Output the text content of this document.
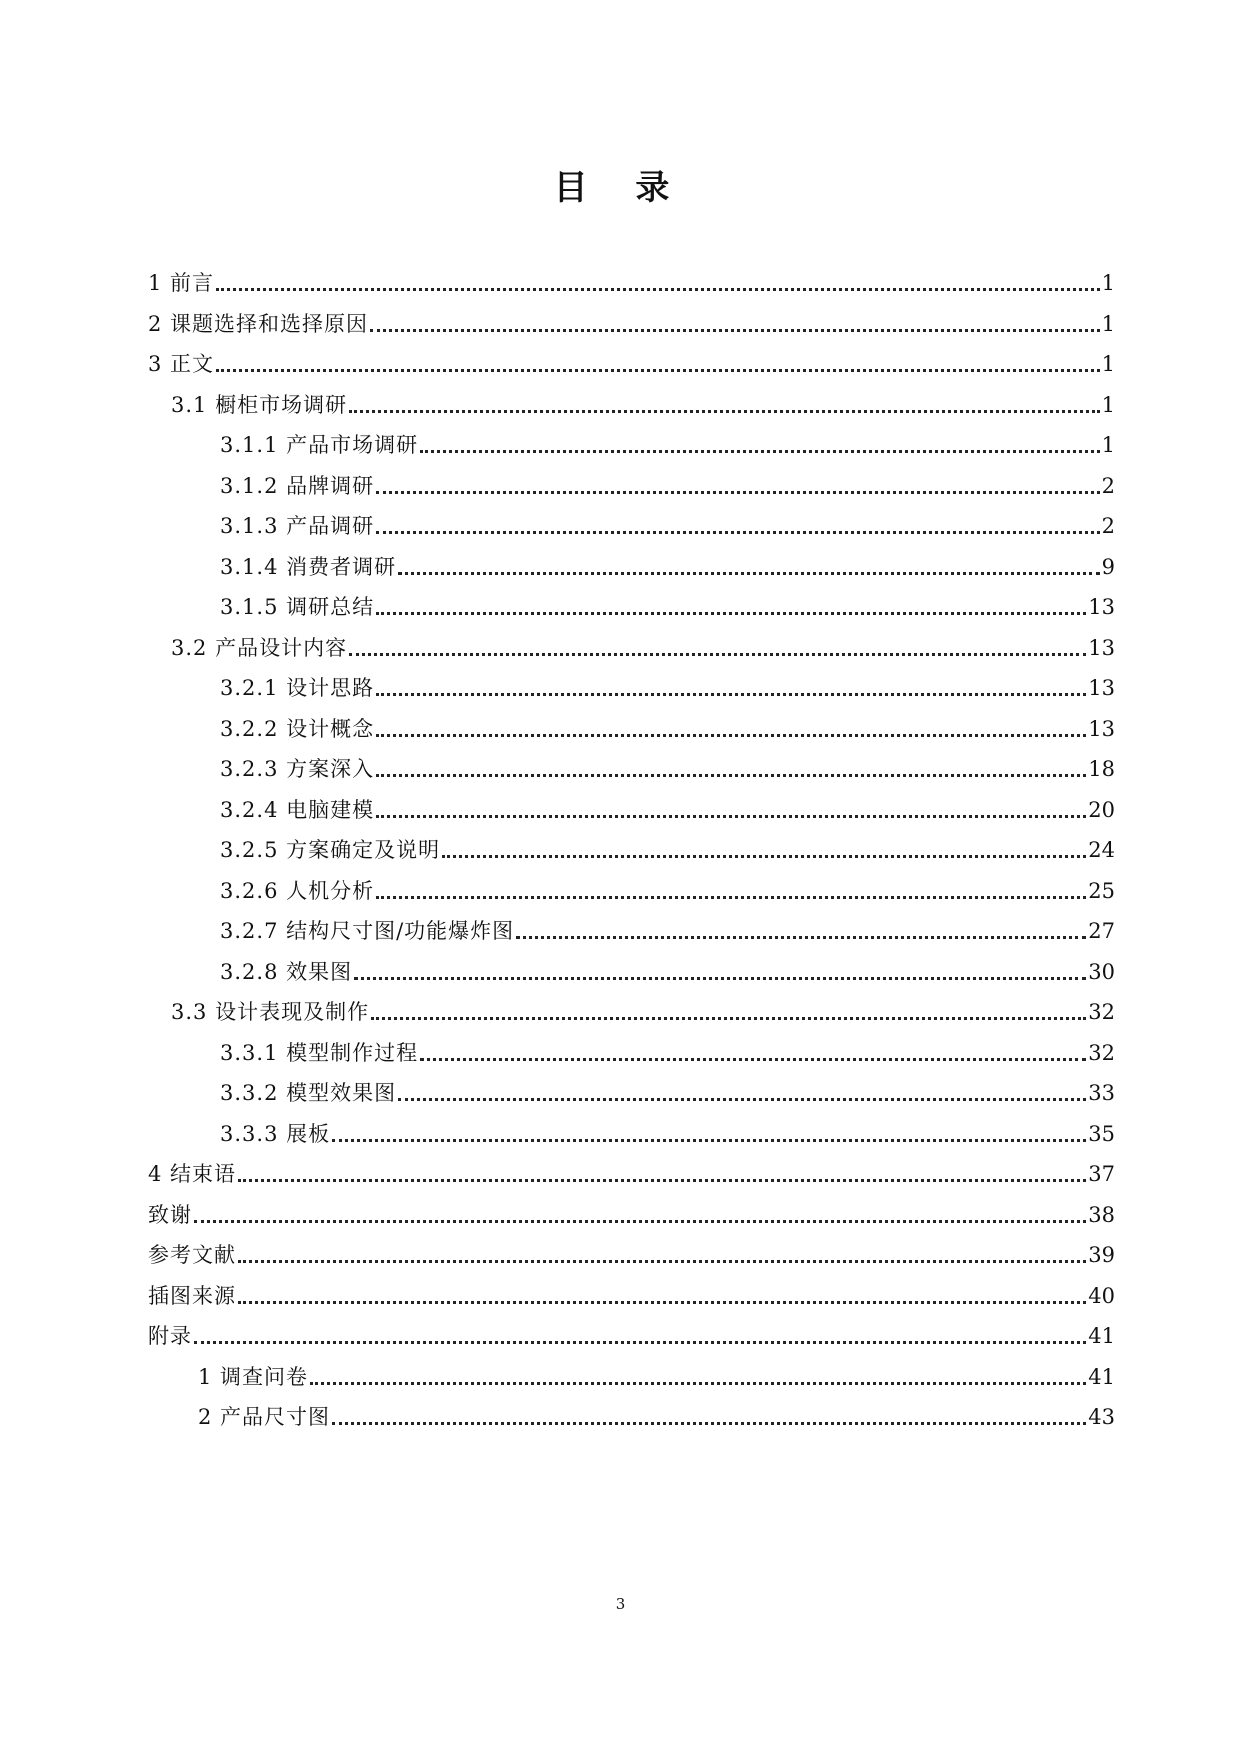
目 录
1 前言	1
2 课题选择和选择原因	1
3 正文	1
3.1 橱柜市场调研	1
3.1.1 产品市场调研	1
3.1.2 品牌调研	2
3.1.3 产品调研	2
3.1.4 消费者调研	9
3.1.5 调研总结	13
3.2 产品设计内容	13
3.2.1 设计思路	13
3.2.2 设计概念	13
3.2.3 方案深入	18
3.2.4 电脑建模	20
3.2.5 方案确定及说明	24
3.2.6 人机分析	25
3.2.7 结构尺寸图/功能爆炸图	27
3.2.8 效果图	30
3.3 设计表现及制作	32
3.3.1 模型制作过程	32
3.3.2 模型效果图	33
3.3.3 展板	35
4 结束语	37
致谢	38
参考文献	39
插图来源	40
附录	41
1 调查问卷	41
2 产品尺寸图	43
3
